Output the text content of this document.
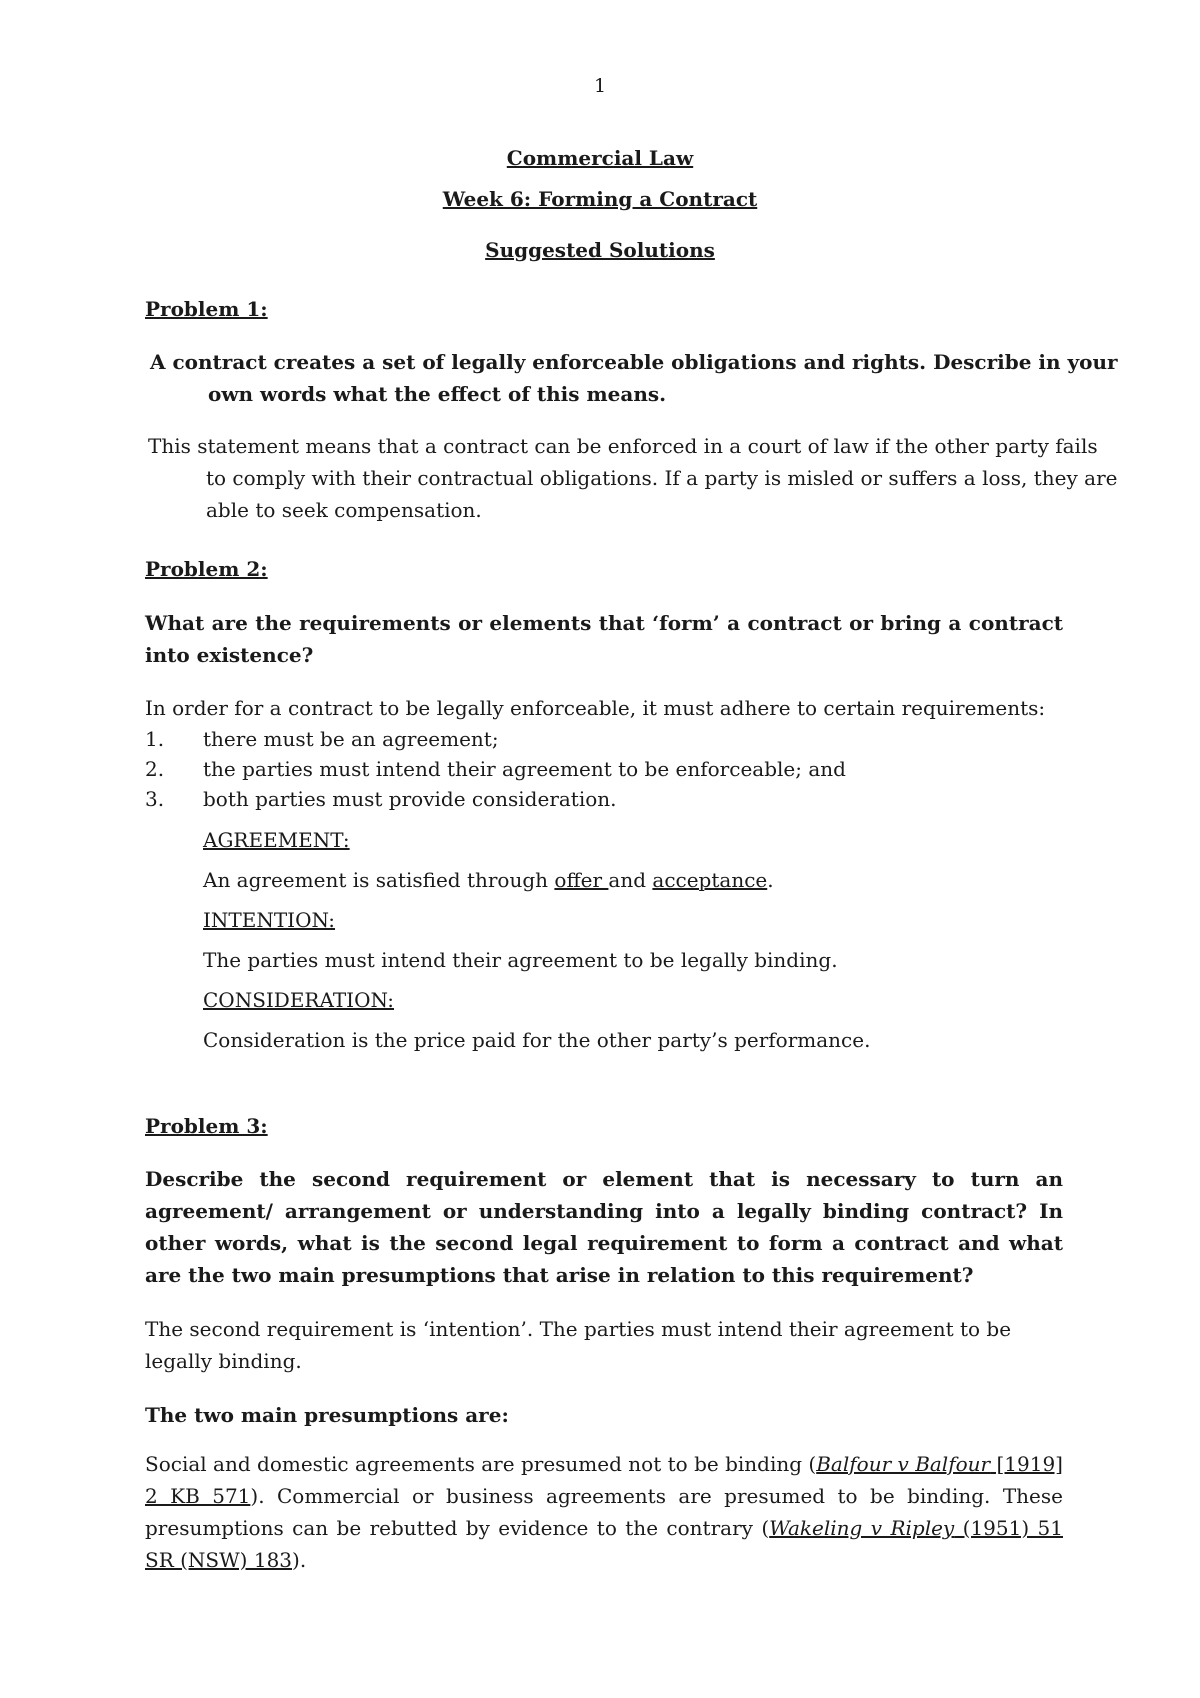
1
Commercial Law
Week 6: Forming a Contract
Suggested Solutions
Problem 1:

A contract creates a set of legally enforceable obligations and rights. Describe in your own words what the effect of this means.

This statement means that a contract can be enforced in a court of law if the other party fails to comply with their contractual obligations. If a party is misled or suffers a loss, they are able to seek compensation.

Problem 2:

What are the requirements or elements that ‘form’ a contract or bring a contract into existence?

In order for a contract to be legally enforceable, it must adhere to certain requirements:

1. there must be an agreement;
2. the parties must intend their agreement to be enforceable; and
3. both parties must provide consideration.
AGREEMENT:
An agreement is satisfied through offer and acceptance.
INTENTION:
The parties must intend their agreement to be legally binding.
CONSIDERATION:
Consideration is the price paid for the other party’s performance.
Problem 3:

Describe the second requirement or element that is necessary to turn an agreement/ arrangement or understanding into a legally binding contract? In other words, what is the second legal requirement to form a contract and what are the two main presumptions that arise in relation to this requirement?

The second requirement is ‘intention’. The parties must intend their agreement to be legally binding.

The two main presumptions are:

Social and domestic agreements are presumed not to be binding (Balfour v Balfour [1919] 2 KB 571). Commercial or business agreements are presumed to be binding. These presumptions can be rebutted by evidence to the contrary (Wakeling v Ripley (1951) 51 SR (NSW) 183).
